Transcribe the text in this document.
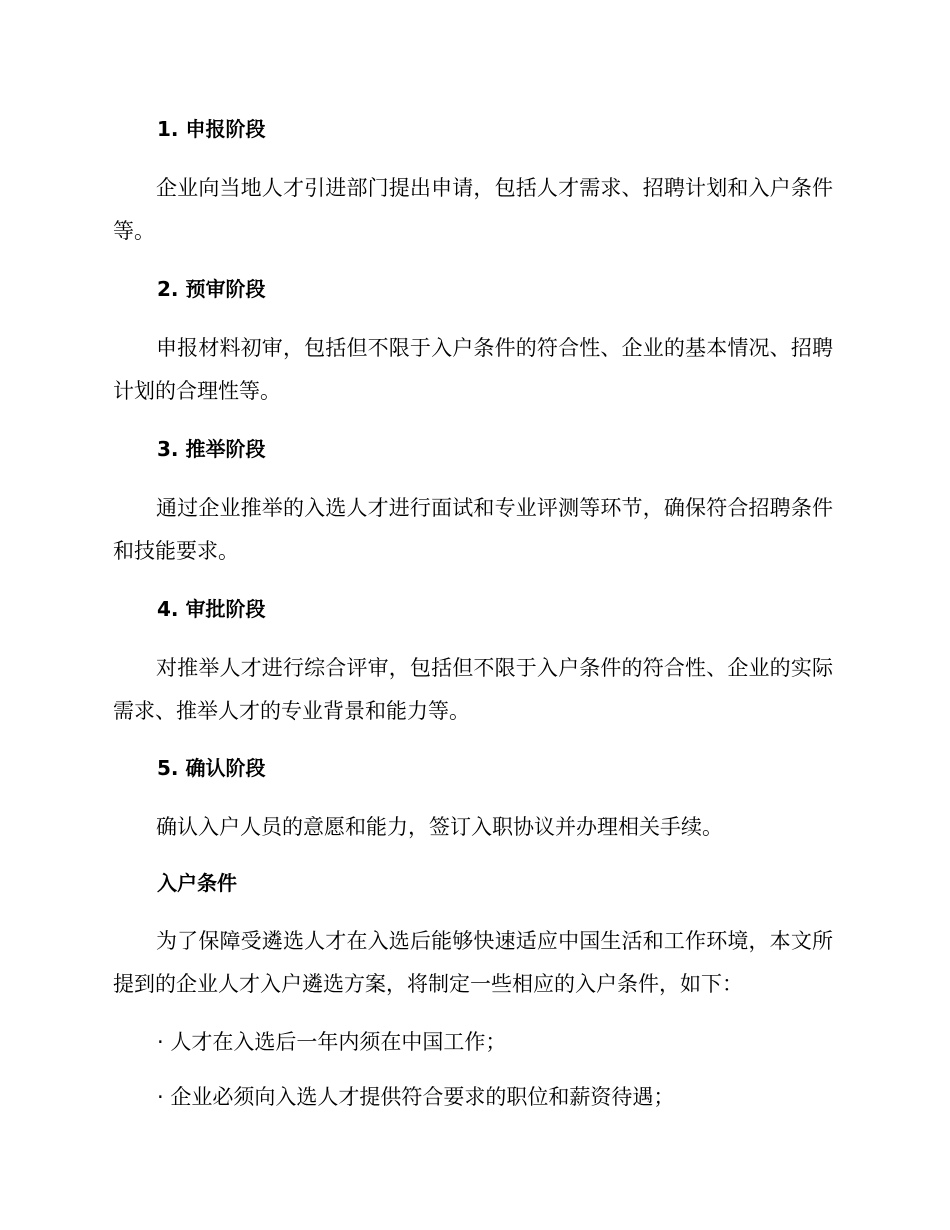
1. 申报阶段

企业向当地人才引进部门提出申请，包括人才需求、招聘计划和入户条件等。

2. 预审阶段

申报材料初审，包括但不限于入户条件的符合性、企业的基本情况、招聘计划的合理性等。

3. 推举阶段

通过企业推举的入选人才进行面试和专业评测等环节，确保符合招聘条件和技能要求。

4. 审批阶段

对推举人才进行综合评审，包括但不限于入户条件的符合性、企业的实际需求、推举人才的专业背景和能力等。

5. 确认阶段

确认入户人员的意愿和能力，签订入职协议并办理相关手续。

入户条件

为了保障受遴选人才在入选后能够快速适应中国生活和工作环境，本文所提到的企业人才入户遴选方案，将制定一些相应的入户条件，如下：

· 人才在入选后一年内须在中国工作；
· 企业必须向入选人才提供符合要求的职位和薪资待遇；
